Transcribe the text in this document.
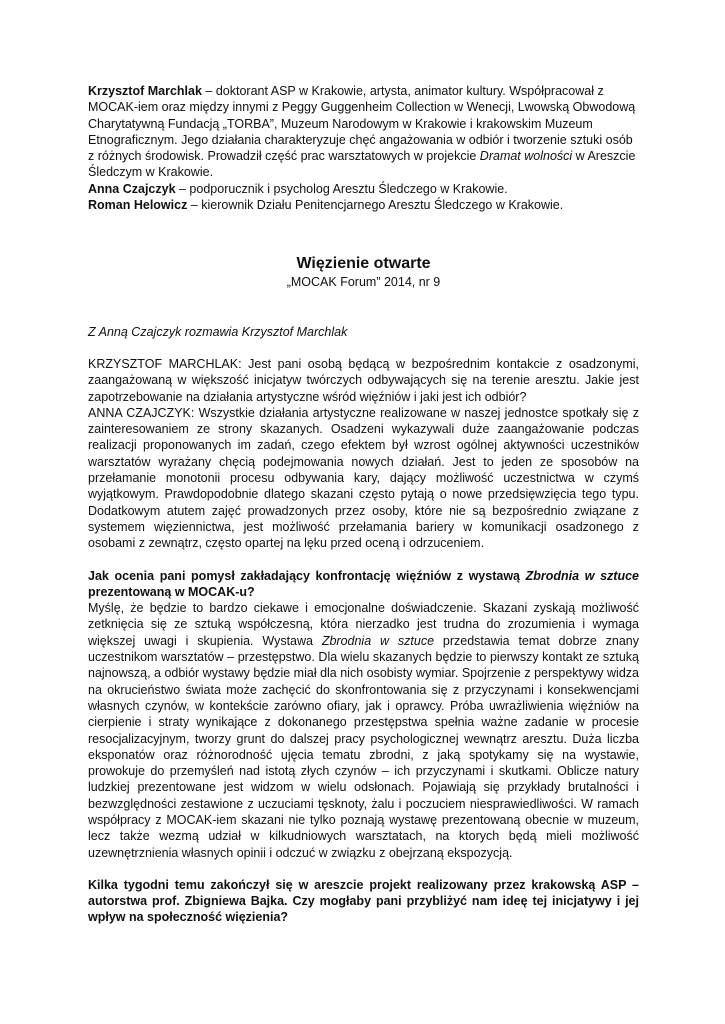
Krzysztof Marchlak – doktorant ASP w Krakowie, artysta, animator kultury. Współpracował z MOCAK-iem oraz między innymi z Peggy Guggenheim Collection w Wenecji, Lwowską Obwodową Charytatywną Fundacją „TORBA”, Muzeum Narodowym w Krakowie i krakowskim Muzeum Etnograficznym. Jego działania charakteryzuje chęć angażowania w odbiór i tworzenie sztuki osób z różnych środowisk. Prowadził część prac warsztatowych w projekcie Dramat wolności w Areszcie Śledczym w Krakowie.

Anna Czajczyk – podporucznik i psycholog Aresztu Śledczego w Krakowie.

Roman Helowicz – kierownik Działu Penitencjarnego Aresztu Śledczego w Krakowie.

Więzienie otwarte

„MOCAK Forum” 2014, nr 9

Z Anną Czajczyk rozmawia Krzysztof Marchlak

KRZYSZTOF MARCHLAK: Jest pani osobą będącą w bezpośrednim kontakcie z osadzonymi, zaangażowaną w większość inicjatyw twórczych odbywających się na terenie aresztu. Jakie jest zapotrzebowanie na działania artystyczne wśród więźniów i jaki jest ich odbiór?

ANNA CZAJCZYK: Wszystkie działania artystyczne realizowane w naszej jednostce spotkały się z zainteresowaniem ze strony skazanych. Osadzeni wykazywali duże zaangażowanie podczas realizacji proponowanych im zadań, czego efektem był wzrost ogólnej aktywności uczestników warsztatów wyrażany chęcią podejmowania nowych działań. Jest to jeden ze sposobów na przełamanie monotonii procesu odbywania kary, dający możliwość uczestnictwa w czymś wyjątkowym. Prawdopodobnie dlatego skazani często pytają o nowe przedsięwzięcia tego typu. Dodatkowym atutem zajęć prowadzonych przez osoby, które nie są bezpośrednio związane z systemem więziennictwa, jest możliwość przełamania bariery w komunikacji osadzonego z osobami z zewnątrz, często opartej na lęku przed oceną i odrzuceniem.

Jak ocenia pani pomysł zakładający konfrontację więźniów z wystawą Zbrodnia w sztuce prezentowaną w MOCAK-u?

Myślę, że będzie to bardzo ciekawe i emocjonalne doświadczenie. Skazani zyskają możliwość zetknięcia się ze sztuką współczesną, która nierzadko jest trudna do zrozumienia i wymaga większej uwagi i skupienia. Wystawa Zbrodnia w sztuce przedstawia temat dobrze znany uczestnikom warsztatów – przestępstwo. Dla wielu skazanych będzie to pierwszy kontakt ze sztuką najnowszą, a odbiór wystawy będzie miał dla nich osobisty wymiar. Spojrzenie z perspektywy widza na okrucieństwo świata może zachęcić do skonfrontowania się z przyczynami i konsekwencjami własnych czynów, w kontekście zarówno ofiary, jak i oprawcy. Próba uwrażliwienia więźniów na cierpienie i straty wynikające z dokonanego przestępstwa spełnia ważne zadanie w procesie resocjalizacyjnym, tworzy grunt do dalszej pracy psychologicznej wewnątrz aresztu. Duża liczba eksponatów oraz różnorodność ujęcia tematu zbrodni, z jaką spotykamy się na wystawie, prowokuje do przemyśleń nad istotą złych czynów – ich przyczynami i skutkami. Oblicze natury ludzkiej prezentowane jest widzom w wielu odsłonach. Pojawiają się przykłady brutalności i bezwzględności zestawione z uczuciami tęsknoty, żalu i poczuciem niesprawiedliwości. W ramach współpracy z MOCAK-iem skazani nie tylko poznają wystawę prezentowaną obecnie w muzeum, lecz także wezmą udział w kilkudniowych warsztatach, na ktorych będą mieli możliwość uzewnętrznienia własnych opinii i odczuć w związku z obejrzaną ekspozycją.

Kilka tygodni temu zakończył się w areszcie projekt realizowany przez krakowską ASP – autorstwa prof. Zbigniewa Bajka. Czy mogłaby pani przybliżyć nam ideę tej inicjatywy i jej wpływ na społeczność więzienia?
